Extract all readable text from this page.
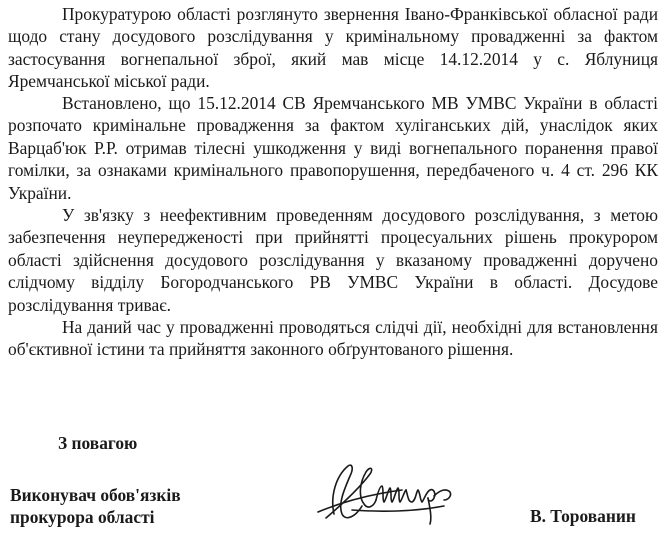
Прокуратурою області розглянуто звернення Івано-Франківської обласної ради щодо стану досудового розслідування у кримінальному провадженні за фактом застосування вогнепальної зброї, який мав місце 14.12.2014 у с. Яблуниця Яремчанської міської ради.

Встановлено, що 15.12.2014 СВ Яремчанського МВ УМВС України в області розпочато кримінальне провадження за фактом хуліганських дій, унаслідок яких Варцаб'юк Р.Р. отримав тілесні ушкодження у виді вогнепального поранення правої гомілки, за ознаками кримінального правопорушення, передбаченого ч. 4 ст. 296 КК України.

У зв'язку з неефективним проведенням досудового розслідування, з метою забезпечення неупередженості при прийнятті процесуальних рішень прокурором області здійснення досудового розслідування у вказаному провадженні доручено слідчому відділу Богородчанського РВ УМВС України в області. Досудове розслідування триває.

На даний час у провадженні проводяться слідчі дії, необхідні для встановлення об'єктивної істини та прийняття законного обґрунтованого рішення.

З повагою

Виконувач обов'язків
прокурора області	В. Торованин
